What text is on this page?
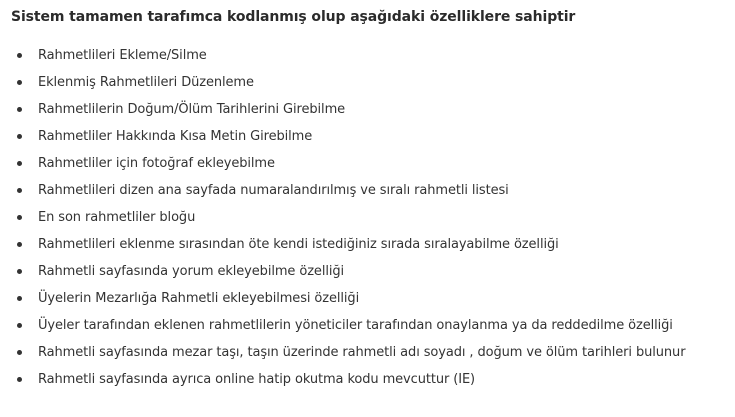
Sistem tamamen tarafımca kodlanmış olup aşağıdaki özelliklere sahiptir
Rahmetlileri Ekleme/Silme
Eklenmiş Rahmetlileri Düzenleme
Rahmetlilerin Doğum/Ölüm Tarihlerini Girebilme
Rahmetliler Hakkında Kısa Metin Girebilme
Rahmetliler için fotoğraf ekleyebilme
Rahmetlileri dizen ana sayfada numaralandırılmış ve sıralı rahmetli listesi
En son rahmetliler bloğu
Rahmetlileri eklenme sırasından öte kendi istediğiniz sırada sıralayabilme özelliği
Rahmetli sayfasında yorum ekleyebilme özelliği
Üyelerin Mezarlığa Rahmetli ekleyebilmesi özelliği
Üyeler tarafından eklenen rahmetlilerin yöneticiler tarafından onaylanma ya da reddedilme özelliği
Rahmetli sayfasında mezar taşı, taşın üzerinde rahmetli adı soyadı , doğum ve ölüm tarihleri bulunur
Rahmetli sayfasında ayrıca online hatip okutma kodu mevcuttur (IE)
